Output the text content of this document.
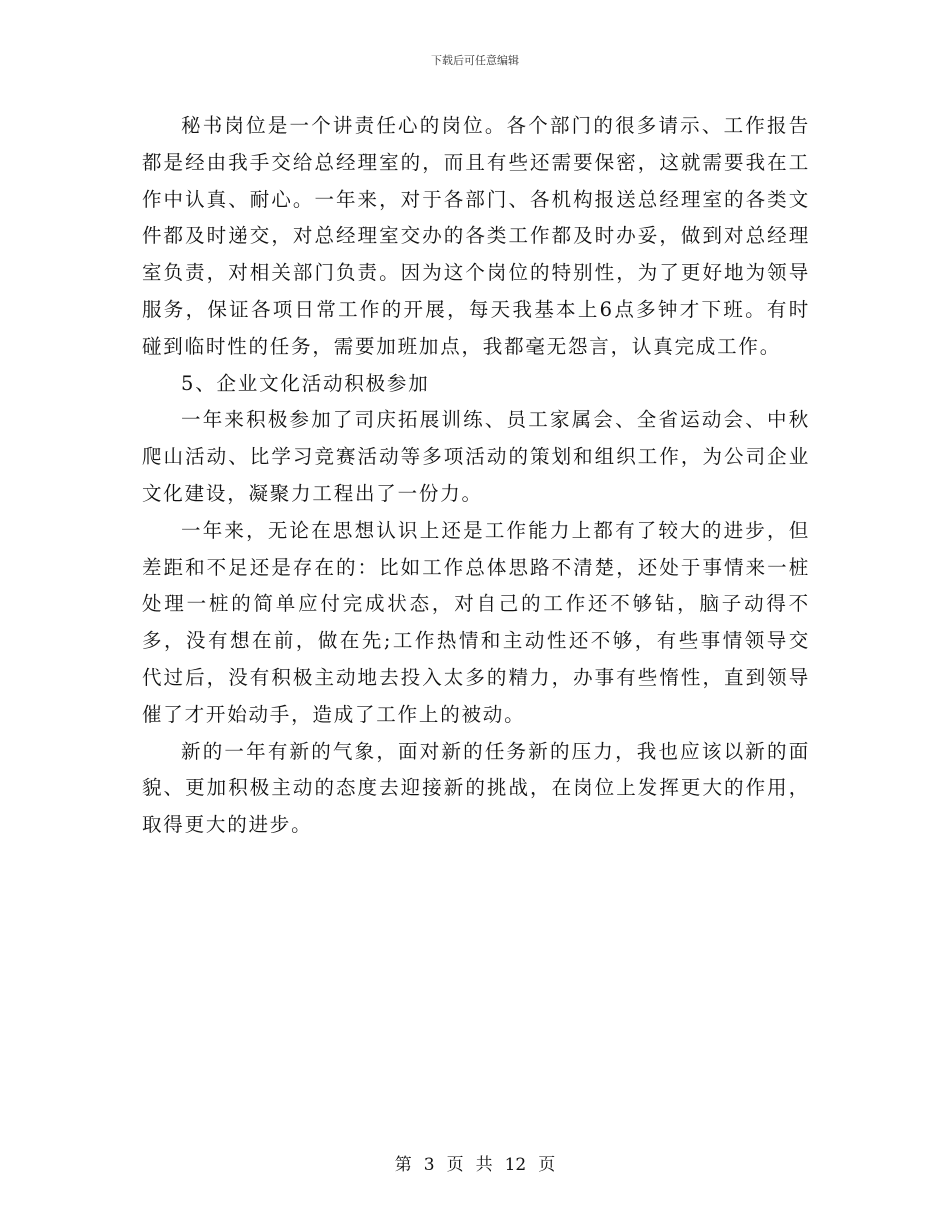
下载后可任意编辑

秘书岗位是一个讲责任心的岗位。各个部门的很多请示、工作报告都是经由我手交给总经理室的，而且有些还需要保密，这就需要我在工作中认真、耐心。一年来，对于各部门、各机构报送总经理室的各类文件都及时递交，对总经理室交办的各类工作都及时办妥，做到对总经理室负责，对相关部门负责。因为这个岗位的特别性，为了更好地为领导服务，保证各项日常工作的开展，每天我基本上6点多钟才下班。有时碰到临时性的任务，需要加班加点，我都毫无怨言，认真完成工作。

5、企业文化活动积极参加

一年来积极参加了司庆拓展训练、员工家属会、全省运动会、中秋爬山活动、比学习竞赛活动等多项活动的策划和组织工作，为公司企业文化建设，凝聚力工程出了一份力。

一年来，无论在思想认识上还是工作能力上都有了较大的进步，但差距和不足还是存在的：比如工作总体思路不清楚，还处于事情来一桩处理一桩的简单应付完成状态，对自己的工作还不够钻，脑子动得不多，没有想在前，做在先;工作热情和主动性还不够，有些事情领导交代过后，没有积极主动地去投入太多的精力，办事有些惰性，直到领导催了才开始动手，造成了工作上的被动。

新的一年有新的气象，面对新的任务新的压力，我也应该以新的面貌、更加积极主动的态度去迎接新的挑战，在岗位上发挥更大的作用，取得更大的进步。

第 3 页 共 12 页
